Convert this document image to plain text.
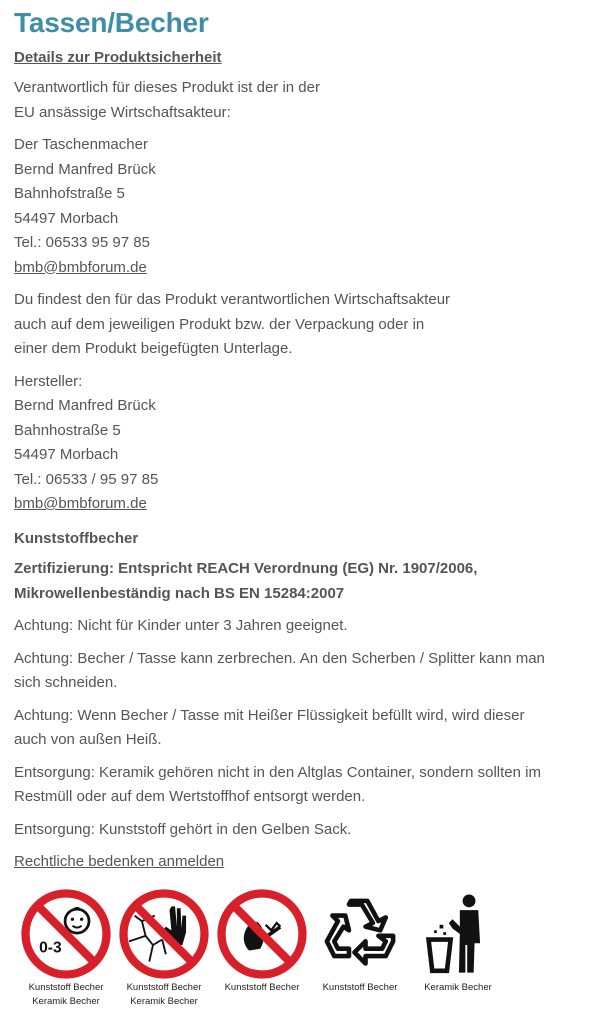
Tassen/Becher
Details zur Produktsicherheit

Verantwortlich für dieses Produkt ist der in der

EU ansässige Wirtschaftsakteur:

Der Taschenmacher

Bernd Manfred Brück

Bahnhofstraße 5

54497 Morbach

Tel.: 06533 95 97 85

bmb@bmbforum.de

Du findest den für das Produkt verantwortlichen Wirtschaftsakteur

auch auf dem jeweiligen Produkt bzw. der Verpackung oder in

einer dem Produkt beigefügten Unterlage.

Hersteller:

Bernd Manfred Brück

Bahnhostraße 5

54497 Morbach

Tel.: 06533 / 95 97 85

bmb@bmbforum.de

Kunststoffbecher

Zertifizierung: Entspricht REACH Verordnung (EG) Nr. 1907/2006,

Mikrowellenbeständig nach BS EN 15284:2007

Achtung: Nicht für Kinder unter 3 Jahren geeignet.

Achtung: Becher / Tasse kann zerbrechen. An den Scherben / Splitter kann man

sich schneiden.

Achtung: Wenn Becher / Tasse mit Heißer Flüssigkeit befüllt wird, wird dieser

auch von außen Heiß.

Entsorgung: Keramik gehören nicht in den Altglas Container, sondern sollten im

Restmüll oder auf dem Wertstoffhof entsorgt werden.

Entsorgung: Kunststoff gehört in den Gelben Sack.

Rechtliche bedenken anmelden

0-3
Kunststoff Becher
Keramik Becher
Kunststoff Becher
Keramik Becher
Kunststoff Becher	Kunststoff Becher	Keramik Becher
